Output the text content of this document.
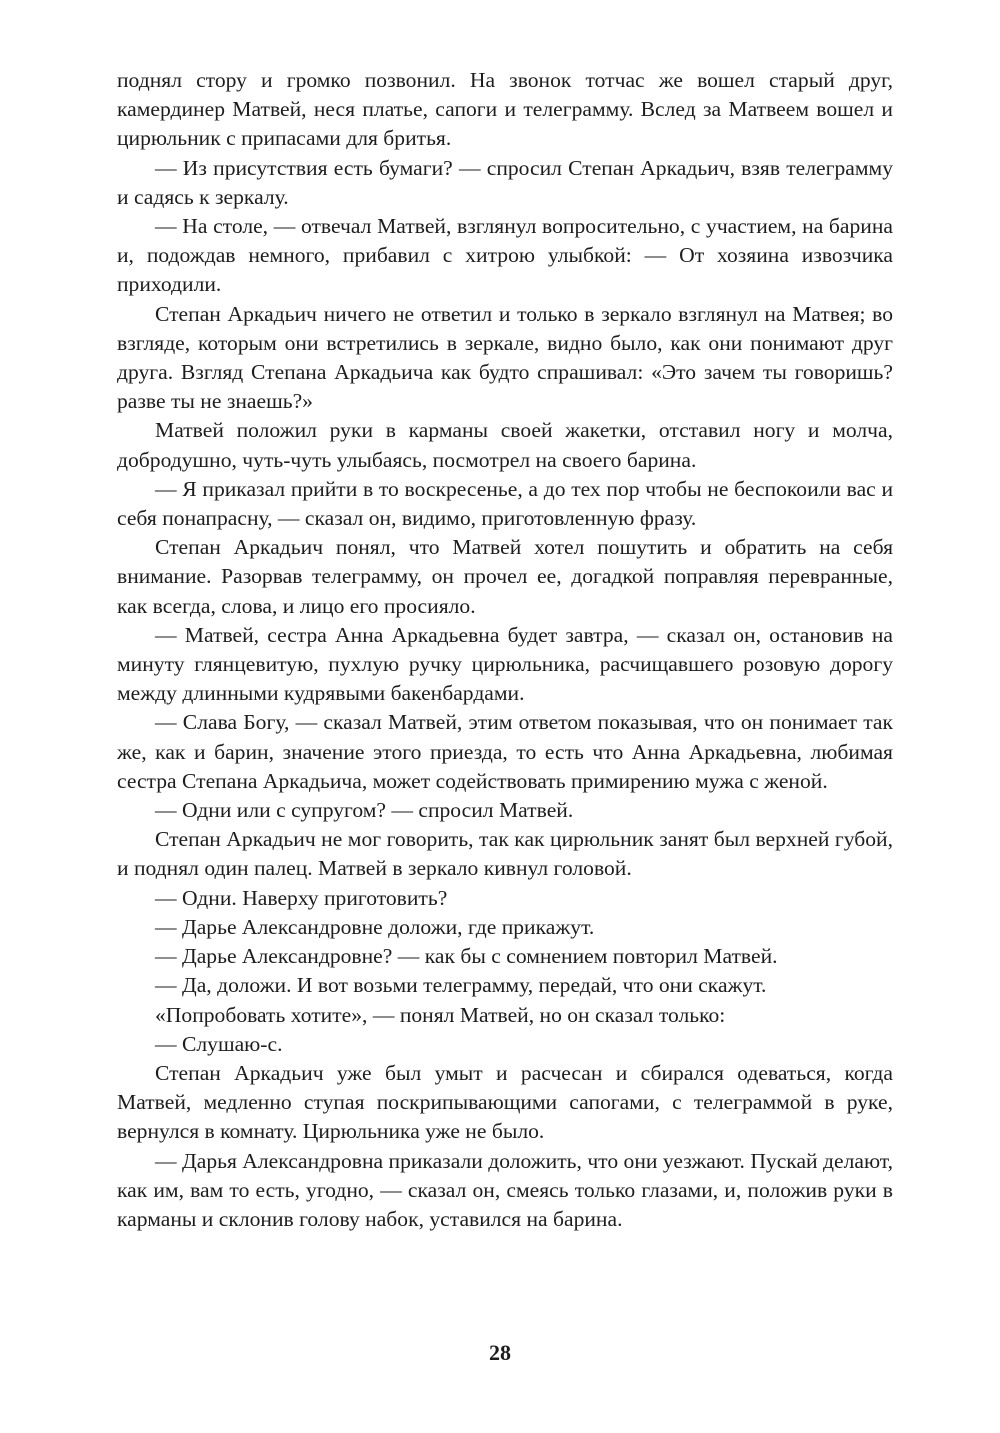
поднял стору и громко позвонил. На звонок тотчас же вошел старый друг, камердинер Матвей, неся платье, сапоги и телеграмму. Вслед за Матвеем вошел и цирюльник с припасами для бритья.

— Из присутствия есть бумаги? — спросил Степан Аркадьич, взяв телеграмму и садясь к зеркалу.

— На столе, — отвечал Матвей, взглянул вопросительно, с участием, на барина и, подождав немного, прибавил с хитрою улыбкой: — От хозяина извозчика приходили.

Степан Аркадьич ничего не ответил и только в зеркало взглянул на Матвея; во взгляде, которым они встретились в зеркале, видно было, как они понимают друг друга. Взгляд Степана Аркадьича как будто спрашивал: «Это зачем ты говоришь? разве ты не знаешь?»

Матвей положил руки в карманы своей жакетки, отставил ногу и молча, добродушно, чуть-чуть улыбаясь, посмотрел на своего барина.

— Я приказал прийти в то воскресенье, а до тех пор чтобы не беспокоили вас и себя понапрасну, — сказал он, видимо, приготовленную фразу.

Степан Аркадьич понял, что Матвей хотел пошутить и обратить на себя внимание. Разорвав телеграмму, он прочел ее, догадкой поправляя перевранные, как всегда, слова, и лицо его просияло.

— Матвей, сестра Анна Аркадьевна будет завтра, — сказал он, остановив на минуту глянцевитую, пухлую ручку цирюльника, расчищавшего розовую дорогу между длинными кудрявыми бакенбардами.

— Слава Богу, — сказал Матвей, этим ответом показывая, что он понимает так же, как и барин, значение этого приезда, то есть что Анна Аркадьевна, любимая сестра Степана Аркадьича, может содействовать примирению мужа с женой.

— Одни или с супругом? — спросил Матвей.

Степан Аркадьич не мог говорить, так как цирюльник занят был верхней губой, и поднял один палец. Матвей в зеркало кивнул головой.

— Одни. Наверху приготовить?

— Дарье Александровне доложи, где прикажут.

— Дарье Александровне? — как бы с сомнением повторил Матвей.

— Да, доложи. И вот возьми телеграмму, передай, что они скажут.

«Попробовать хотите», — понял Матвей, но он сказал только:

— Слушаю-с.

Степан Аркадьич уже был умыт и расчесан и сбирался одеваться, когда Матвей, медленно ступая поскрипывающими сапогами, с телеграммой в руке, вернулся в комнату. Цирюльника уже не было.

— Дарья Александровна приказали доложить, что они уезжают. Пускай делают, как им, вам то есть, угодно, — сказал он, смеясь только глазами, и, положив руки в карманы и склонив голову набок, уставился на барина.

28
